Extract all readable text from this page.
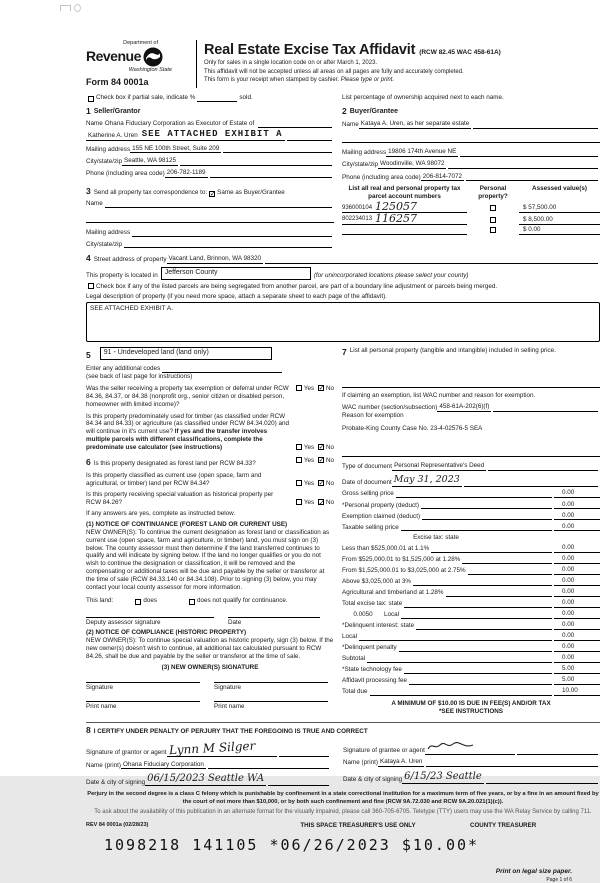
Department of
Revenue
Washington State
Form 84 0001a
Real Estate Excise Tax Affidavit (RCW 82.45 WAC 458-61A)
Only for sales in a single location code on or after March 1, 2023.
This affidavit will not be accepted unless all areas on all pages are fully and accurately completed.
This form is your receipt when stamped by cashier. Please type or print.
Check box if partial sale, indicate %	sold.	List percentage of ownership acquired next to each name.
1 Seller/Grantor
Name Ohana Fiduciary Corporation as Executor of Estate of
Katherine A. Uren SEE ATTACHED EXHIBIT A
Mailing address 155 NE 100th Street, Suite 209
City/state/zip Seattle, WA 98125
Phone (including area code) 206-782-1189
3 Send all property tax correspondence to: ✓ Same as Buyer/Grantee
Name
Mailing address
City/state/zip
2 Buyer/Grantee
Name Kataya A. Uren, as her separate estate
Mailing address 19806 174th Avenue NE
City/state/zip Woodinville, WA 98072
Phone (including area code) 206-814-7072
List all real and personal property tax parcel account numbers
Personal property?
Assessed value(s)
936000104 125057	$ 57,500.00
802234013 116257	$ 8,500.00
$ 0.00
4 Street address of property Vacant Land, Brinnon, WA 98320
This property is located in	Jefferson County	(for unincorporated locations please select your county)
Check box if any of the listed parcels are being segregated from another parcel, are part of a boundary line adjustment or parcels being merged.
Legal description of property (if you need more space, attach a separate sheet to each page of the affidavit).
SEE ATTACHED EXHIBIT A.
5	91 - Undeveloped land (land only)
Enter any additional codes
(see back of last page for instructions)
Was the seller receiving a property tax exemption or deferral under RCW 84.36, 84.37, or 84.38 (nonprofit org., senior citizen or disabled person, homeowner with limited income)?
Yes ✓ No
Is this property predominately used for timber (as classified under RCW 84.34 and 84.33) or agriculture (as classified under RCW 84.34.020) and will continue in it's current use? If yes and the transfer involves multiple parcels with different classifications, complete the predominate use calculator (see instructions)	Yes ✓ No
6 Is this property designated as forest land per RCW 84.33?	Yes ✓ No
Is this property classified as current use (open space, farm and agricultural, or timber) land per RCW 84.34?	Yes ✓ No
Is this property receiving special valuation as historical property per RCW 84.26?	Yes ✓ No
If any answers are yes, complete as instructed below.
(1) NOTICE OF CONTINUANCE (FOREST LAND OR CURRENT USE)
NEW OWNER(S): To continue the current designation as forest land or classification as current use (open space, farm and agriculture, or timber) land, you must sign on (3) below. The county assessor must then determine if the land transferred continues to qualify and will indicate by signing below. If the land no longer qualifies or you do not wish to continue the designation or classification, it will be removed and the compensating or additional taxes will be due and payable by the seller or transferor at the time of sale (RCW 84.33.140 or 84.34.108). Prior to signing (3) below, you may contact your local county assessor for more information.
This land:	does	does not qualify for continuance.
Deputy assessor signature	Date
(2) NOTICE OF COMPLIANCE (HISTORIC PROPERTY)
NEW OWNER(S): To continue special valuation as historic property, sign (3) below. If the new owner(s) doesn't wish to continue, all additional tax calculated pursuant to RCW 84.26, shall be due and payable by the seller or transferor at the time of sale.
(3) NEW OWNER(S) SIGNATURE
Signature	Signature
Print name	Print name
7 List all personal property (tangible and intangible) included in selling price.
If claiming an exemption, list WAC number and reason for exemption.
WAC number (section/subsection) 458-61A-202(6)(f)
Reason for exemption
Probate-King County Case No. 23-4-02576-5 SEA
Type of document Personal Representative's Deed
Date of document May 31, 2023
Gross selling price	0.00
*Personal property (deduct)	0.00
Exemption claimed (deduct)	0.00
Taxable selling price	0.00
Excise tax: state
Less than $525,000.01 at 1.1%	0.00
From $525,000.01 to $1,525,000 at 1.28%	0.00
From $1,525,000.01 to $3,025,000 at 2.75%	0.00
Above $3,025,000 at 3%	0.00
Agricultural and timberland at 1.28%	0.00
Total excise tax: state	0.00
0.0050	Local	0.00
*Delinquent interest: state	0.00
Local	0.00
*Delinquent penalty	0.00
Subtotal	0.00
*State technology fee	5.00
Affidavit processing fee	5.00
Total due	10.00
A MINIMUM OF $10.00 IS DUE IN FEE(S) AND/OR TAX
*SEE INSTRUCTIONS
8 I CERTIFY UNDER PENALTY OF PERJURY THAT THE FOREGOING IS TRUE AND CORRECT
Signature of grantor or agent Lynn M Silger
Name (print) Ohana Fiduciary Corporation
Date & city of signing 06/15/2023 Seattle WA
Signature of grantee or agent
Name (print) Kataya A. Uren
Date & city of signing 6/15/23 Seattle
Perjury in the second degree is a class C felony which is punishable by confinement in a state correctional institution for a maximum term of five years, or by a fine in an amount fixed by the court of not more than $10,000, or by both such confinement and fine (RCW 9A.72.030 and RCW 9A.20.021(1)(c)).
To ask about the availability of this publication in an alternate format for the visually impaired, please call 360-705-6705. Teletype (TTY) users may use the WA Relay Service by calling 711.
REV 84 0001a (02/28/23)	THIS SPACE TREASURER'S USE ONLY	COUNTY TREASURER
1098218 141105 *06/26/2023 $10.00*
Print on legal size paper.
Page 1 of 6
